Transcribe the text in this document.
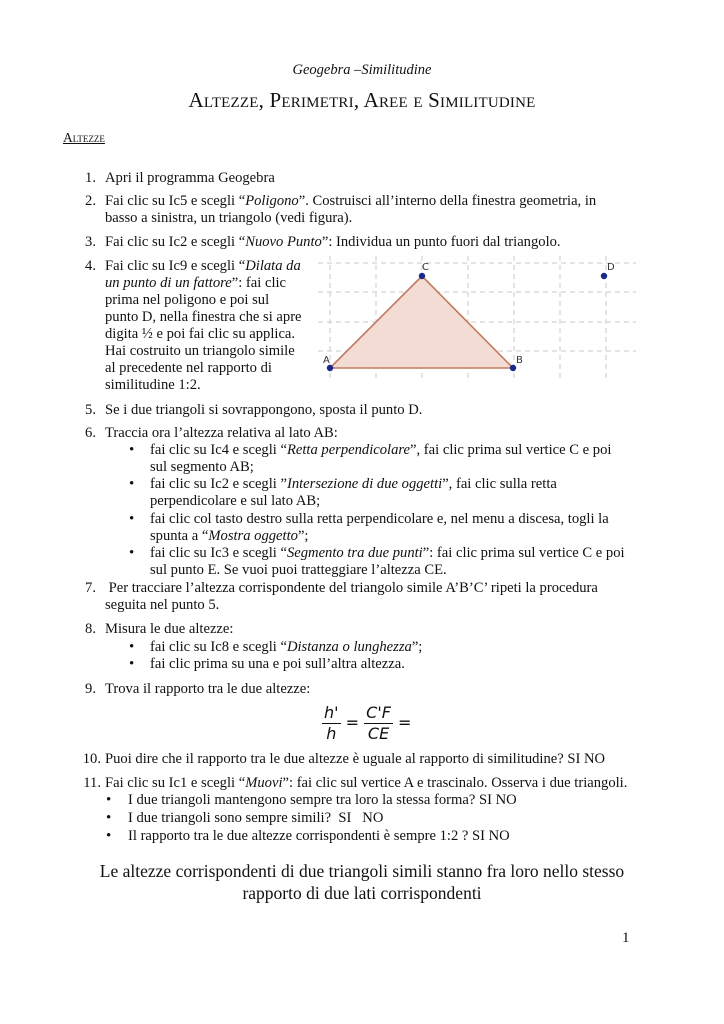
Geogebra –Similitudine
Altezze, Perimetri, Aree e Similitudine
Altezze
1. Apri il programma Geogebra
2. Fai clic su Ic5 e scegli “Poligono”. Costruisci all’interno della finestra geometria, in
basso a sinistra, un triangolo (vedi figura).
3. Fai clic su Ic2 e scegli “Nuovo Punto”: Individua un punto fuori dal triangolo.
4. Fai clic su Ic9 e scegli “Dilata da
un punto di un fattore”: fai clic
prima nel poligono e poi sul
punto D, nella finestra che si apre
digita ½ e poi fai clic su applica.
Hai costruito un triangolo simile
al precedente nel rapporto di
similitudine 1:2.
A	B
C	D
5. Se i due triangoli si sovrappongono, sposta il punto D.
6. Traccia ora l’altezza relativa al lato AB:
• fai clic su Ic4 e scegli “Retta perpendicolare”, fai clic prima sul vertice C e poi
sul segmento AB;
• fai clic su Ic2 e scegli ”Intersezione di due oggetti”, fai clic sulla retta
perpendicolare e sul lato AB;
• fai clic col tasto destro sulla retta perpendicolare e, nel menu a discesa, togli la
spunta a “Mostra oggetto”;
• fai clic su Ic3 e scegli “Segmento tra due punti”: fai clic prima sul vertice C e poi
sul punto E. Se vuoi puoi tratteggiare l’altezza CE.
7. Per tracciare l’altezza corrispondente del triangolo simile A’B’C’ ripeti la procedura
seguita nel punto 5.
8. Misura le due altezze:
• fai clic su Ic8 e scegli “Distanza o lunghezza”;
• fai clic prima su una e poi sull’altra altezza.
9. Trova il rapporto tra le due altezze:
$\frac{h'}{h} = \frac{C'F}{CE}$ =
10. Puoi dire che il rapporto tra le due altezze è uguale al rapporto di similitudine? SI NO
11. Fai clic su Ic1 e scegli “Muovi”: fai clic sul vertice A e trascinalo. Osserva i due triangoli.
• I due triangoli mantengono sempre tra loro la stessa forma? SI NO
• I due triangoli sono sempre simili?  SI   NO
• Il rapporto tra le due altezze corrispondenti è sempre 1:2 ? SI NO
Le altezze corrispondenti di due triangoli simili stanno fra loro nello stesso
rapporto di due lati corrispondenti
1
